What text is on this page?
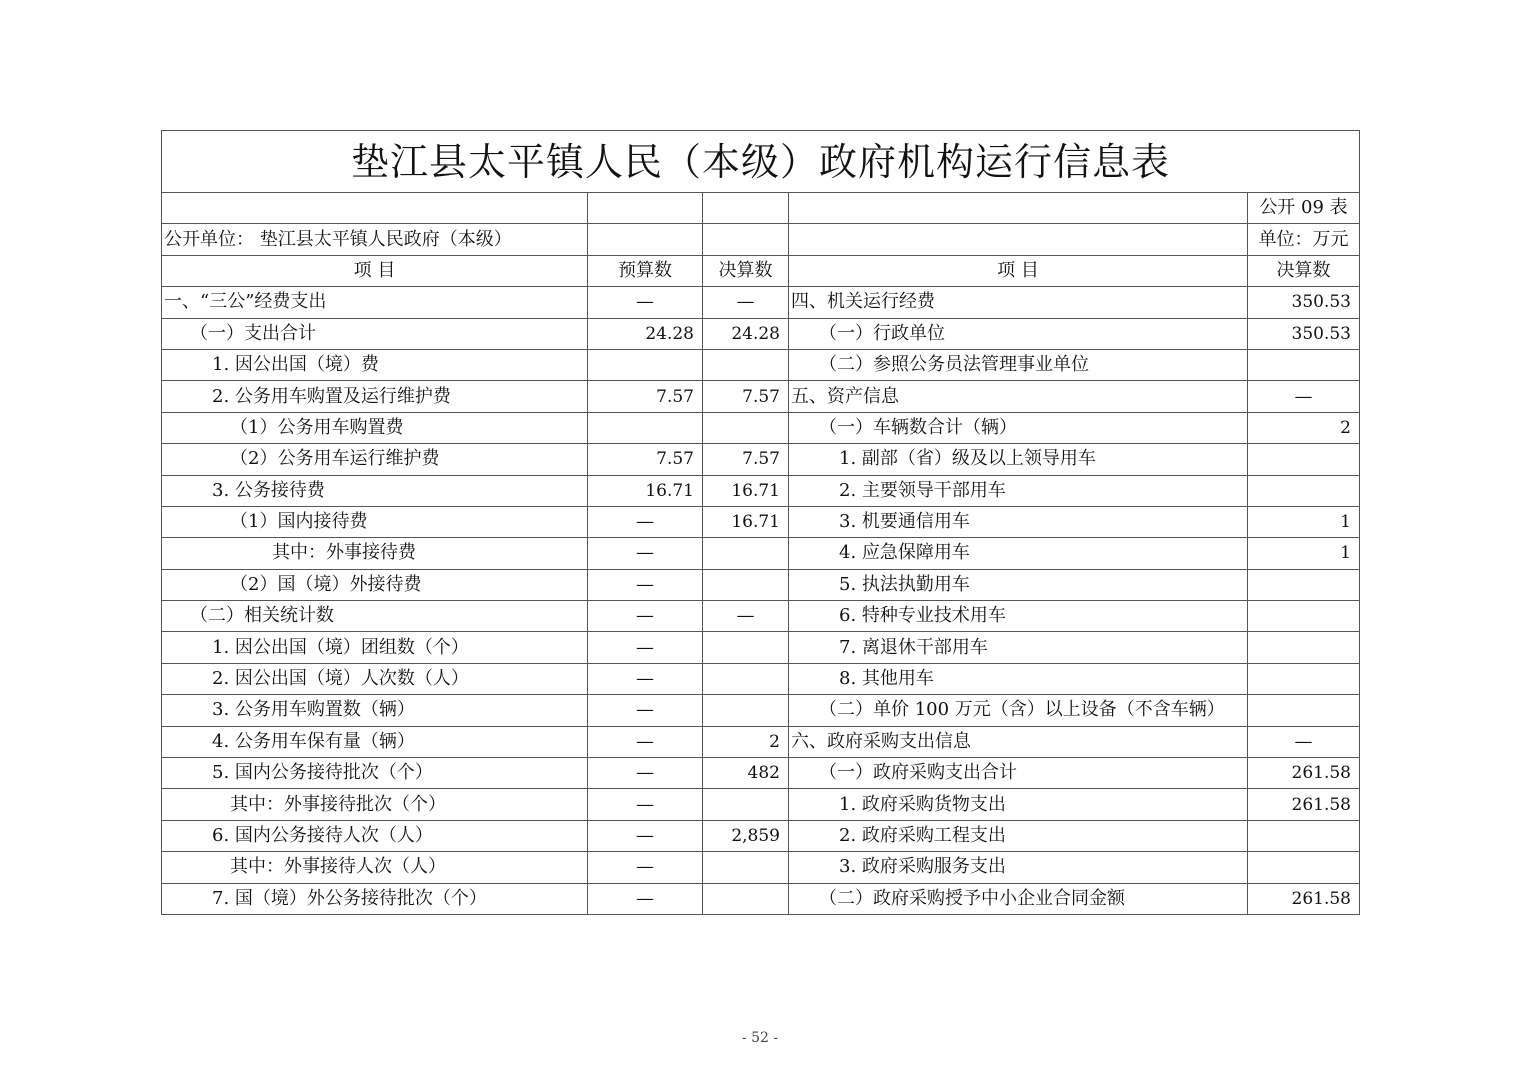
垫江县太平镇人民（本级）政府机构运行信息表				
				公开 09 表
公开单位： 垫江县太平镇人民政府（本级）				单位：万元
项 目	预算数	决算数	项 目	决算数
一、“三公”经费支出	—	—	四、机关运行经费	350.53
（一）支出合计	24.28	24.28	（一）行政单位	350.53
1. 因公出国（境）费			（二）参照公务员法管理事业单位	
2. 公务用车购置及运行维护费	7.57	7.57	五、资产信息	—
（1）公务用车购置费			（一）车辆数合计（辆）	2
（2）公务用车运行维护费	7.57	7.57	1. 副部（省）级及以上领导用车	
3. 公务接待费	16.71	16.71	2. 主要领导干部用车	
（1）国内接待费	—	16.71	3. 机要通信用车	1
其中：外事接待费	—		4. 应急保障用车	1
（2）国（境）外接待费	—		5. 执法执勤用车	
（二）相关统计数	—	—	6. 特种专业技术用车	
1. 因公出国（境）团组数（个）	—		7. 离退休干部用车	
2. 因公出国（境）人次数（人）	—		8. 其他用车	
3. 公务用车购置数（辆）	—		（二）单价 100 万元（含）以上设备（不含车辆）	
4. 公务用车保有量（辆）	—	2	六、政府采购支出信息	—
5. 国内公务接待批次（个）	—	482	（一）政府采购支出合计	261.58
其中：外事接待批次（个）	—		1. 政府采购货物支出	261.58
6. 国内公务接待人次（人）	—	2,859	2. 政府采购工程支出	
其中：外事接待人次（人）	—		3. 政府采购服务支出	
7. 国（境）外公务接待批次（个）	—		（二）政府采购授予中小企业合同金额	261.58
- 52 -
